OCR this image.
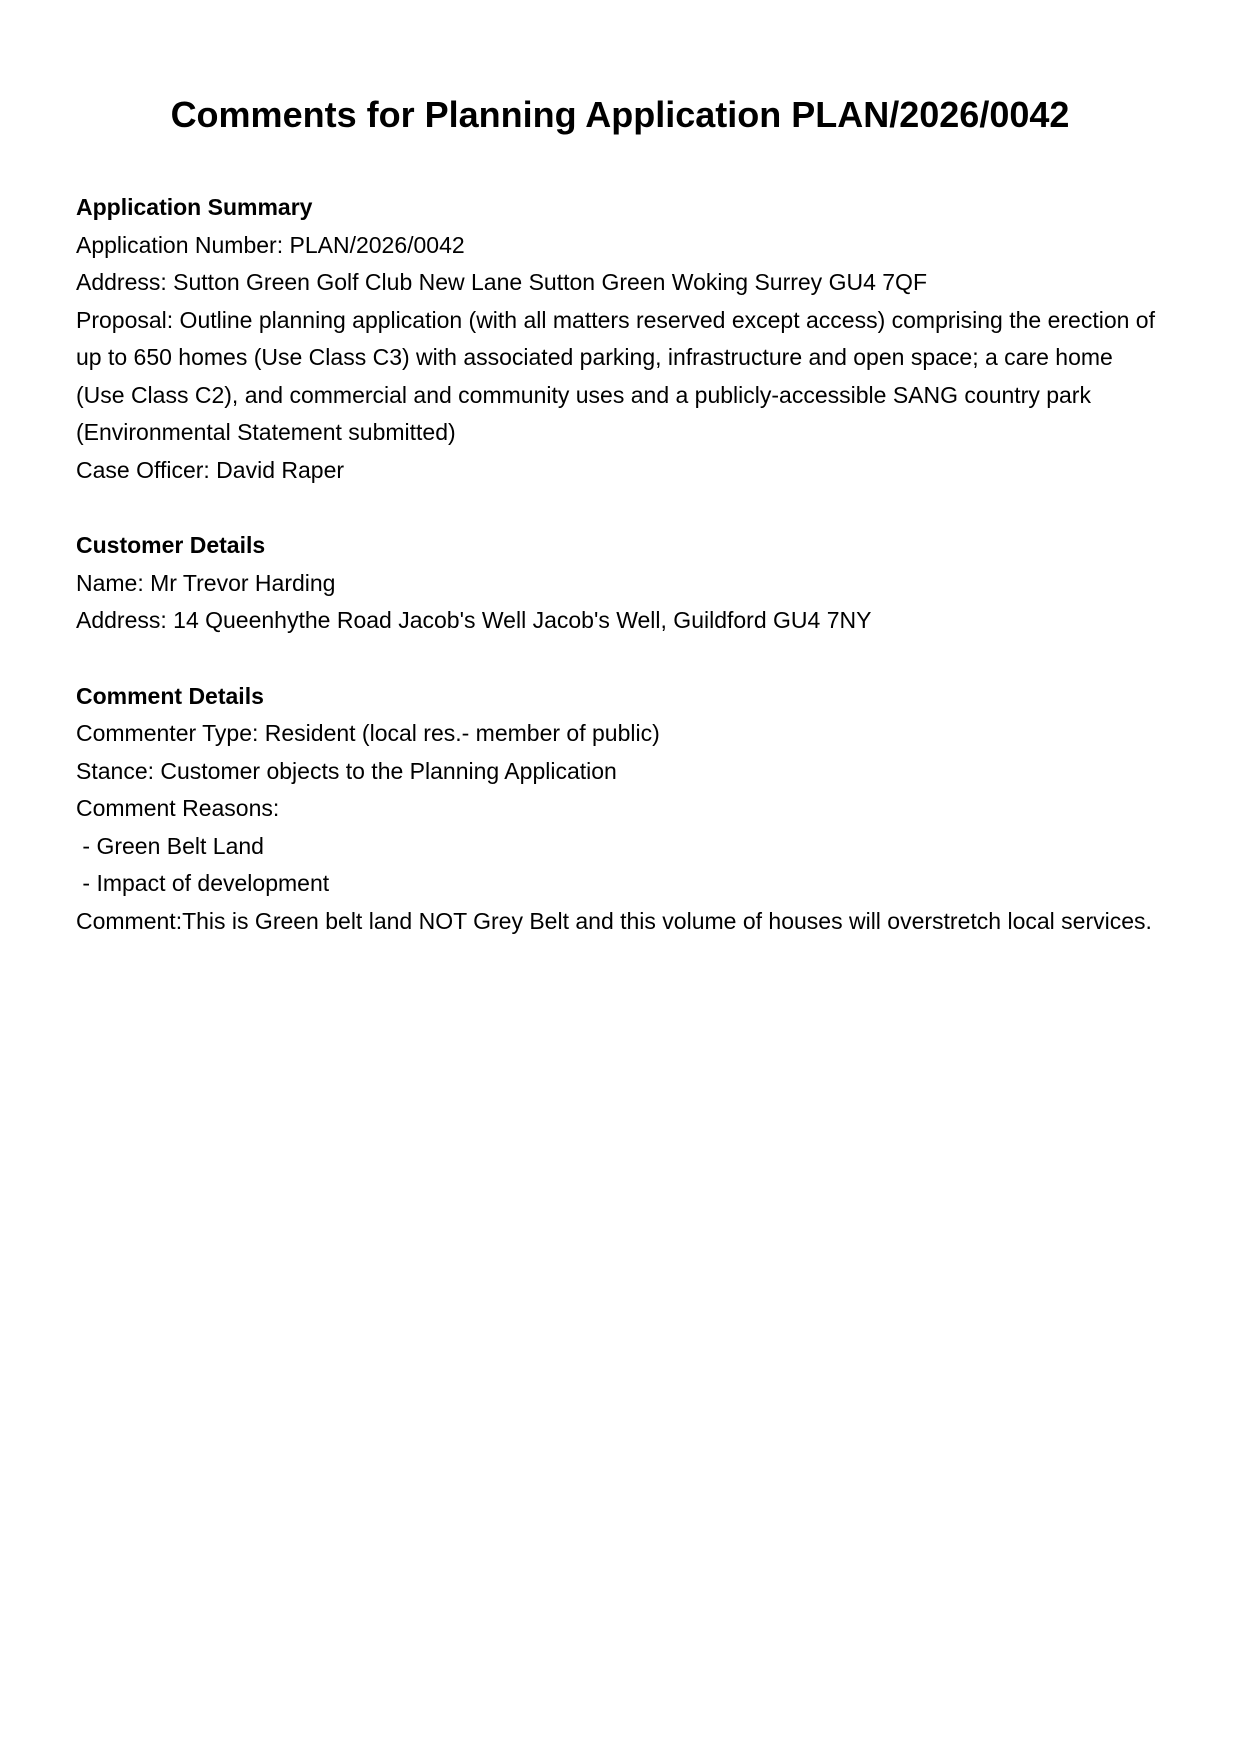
Comments for Planning Application PLAN/2026/0042
Application Summary
Application Number: PLAN/2026/0042
Address: Sutton Green Golf Club New Lane Sutton Green Woking Surrey GU4 7QF
Proposal: Outline planning application (with all matters reserved except access) comprising the erection of up to 650 homes (Use Class C3) with associated parking, infrastructure and open space; a care home (Use Class C2), and commercial and community uses and a publicly-accessible SANG country park (Environmental Statement submitted)
Case Officer: David Raper
Customer Details
Name: Mr Trevor Harding
Address: 14 Queenhythe Road Jacob's Well Jacob's Well, Guildford GU4 7NY
Comment Details
Commenter Type: Resident (local res.- member of public)
Stance: Customer objects to the Planning Application
Comment Reasons:
- Green Belt Land
- Impact of development
Comment:This is Green belt land NOT Grey Belt and this volume of houses will overstretch local services.
